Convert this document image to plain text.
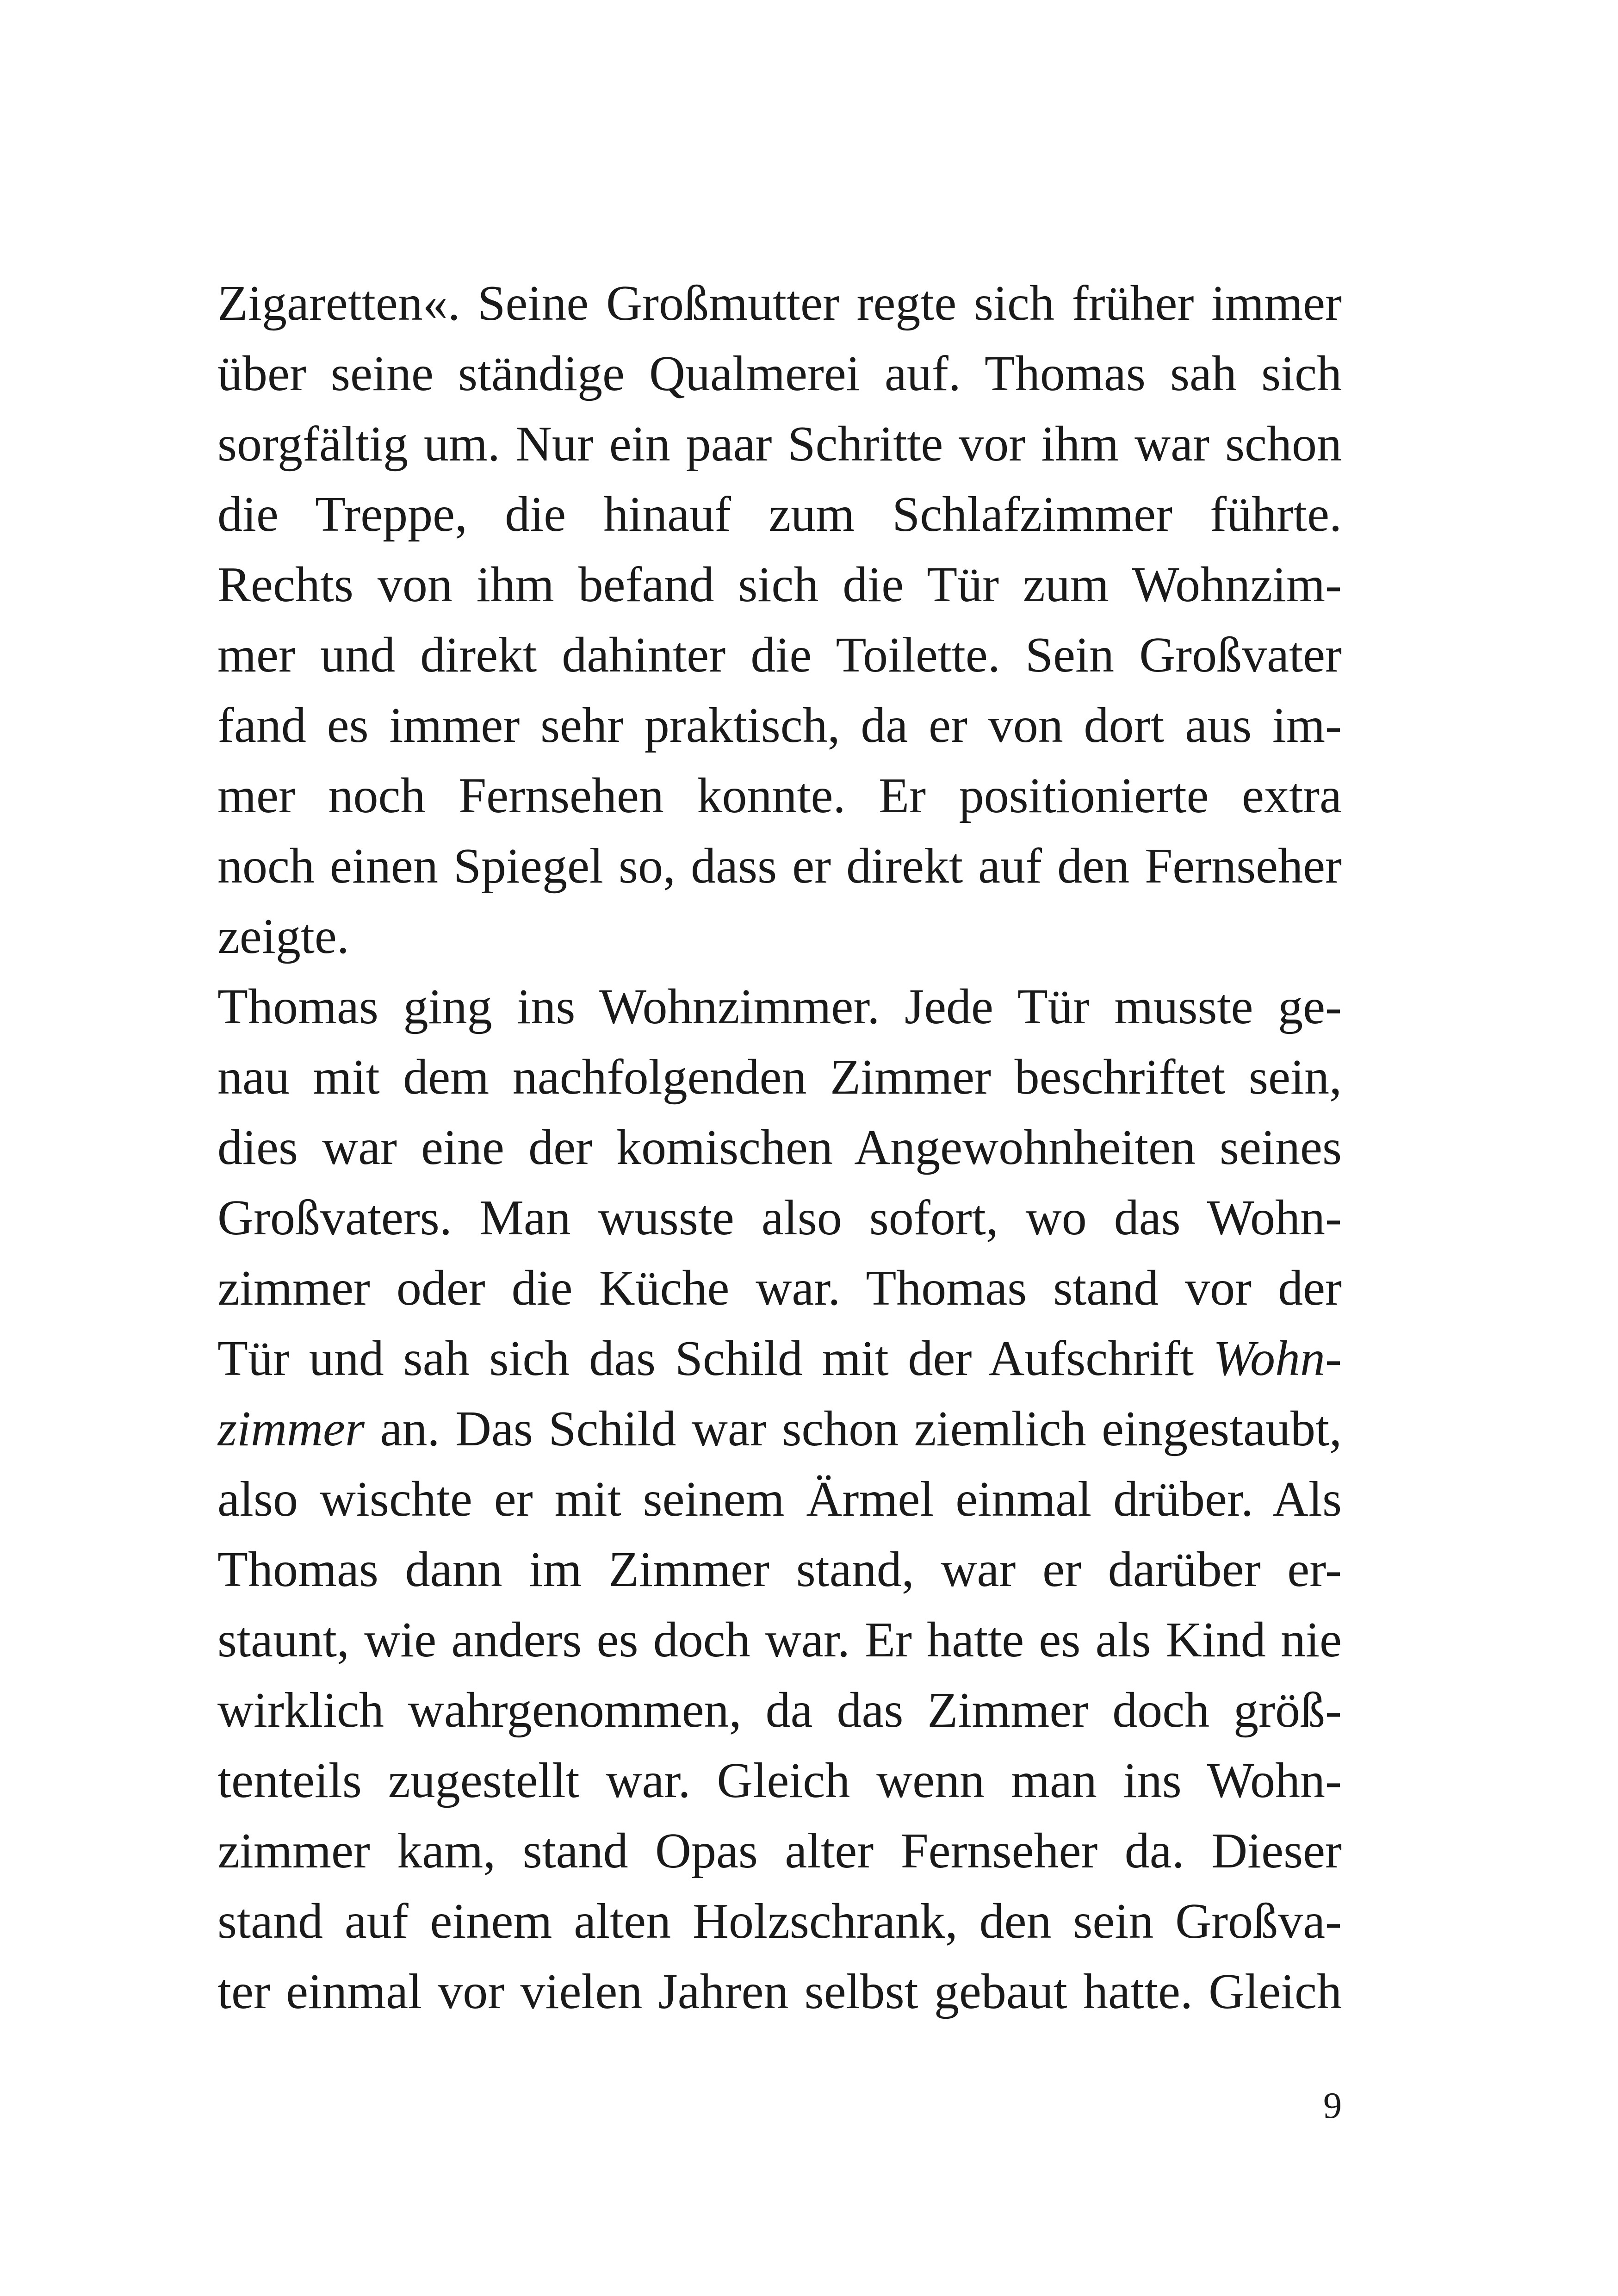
Zigaretten«. Seine Großmutter regte sich früher immer
über seine ständige Qualmerei auf. Thomas sah sich
sorgfältig um. Nur ein paar Schritte vor ihm war schon
die Treppe, die hinauf zum Schlafzimmer führte.
Rechts von ihm befand sich die Tür zum Wohnzim-
mer und direkt dahinter die Toilette. Sein Großvater
fand es immer sehr praktisch, da er von dort aus im-
mer noch Fernsehen konnte. Er positionierte extra
noch einen Spiegel so, dass er direkt auf den Fernseher
zeigte.
Thomas ging ins Wohnzimmer. Jede Tür musste ge-
nau mit dem nachfolgenden Zimmer beschriftet sein,
dies war eine der komischen Angewohnheiten seines
Großvaters. Man wusste also sofort, wo das Wohn-
zimmer oder die Küche war. Thomas stand vor der
Tür und sah sich das Schild mit der Aufschrift Wohn-
zimmer an. Das Schild war schon ziemlich eingestaubt,
also wischte er mit seinem Ärmel einmal drüber. Als
Thomas dann im Zimmer stand, war er darüber er-
staunt, wie anders es doch war. Er hatte es als Kind nie
wirklich wahrgenommen, da das Zimmer doch größ-
tenteils zugestellt war. Gleich wenn man ins Wohn-
zimmer kam, stand Opas alter Fernseher da. Dieser
stand auf einem alten Holzschrank, den sein Großva-
ter einmal vor vielen Jahren selbst gebaut hatte. Gleich
9
